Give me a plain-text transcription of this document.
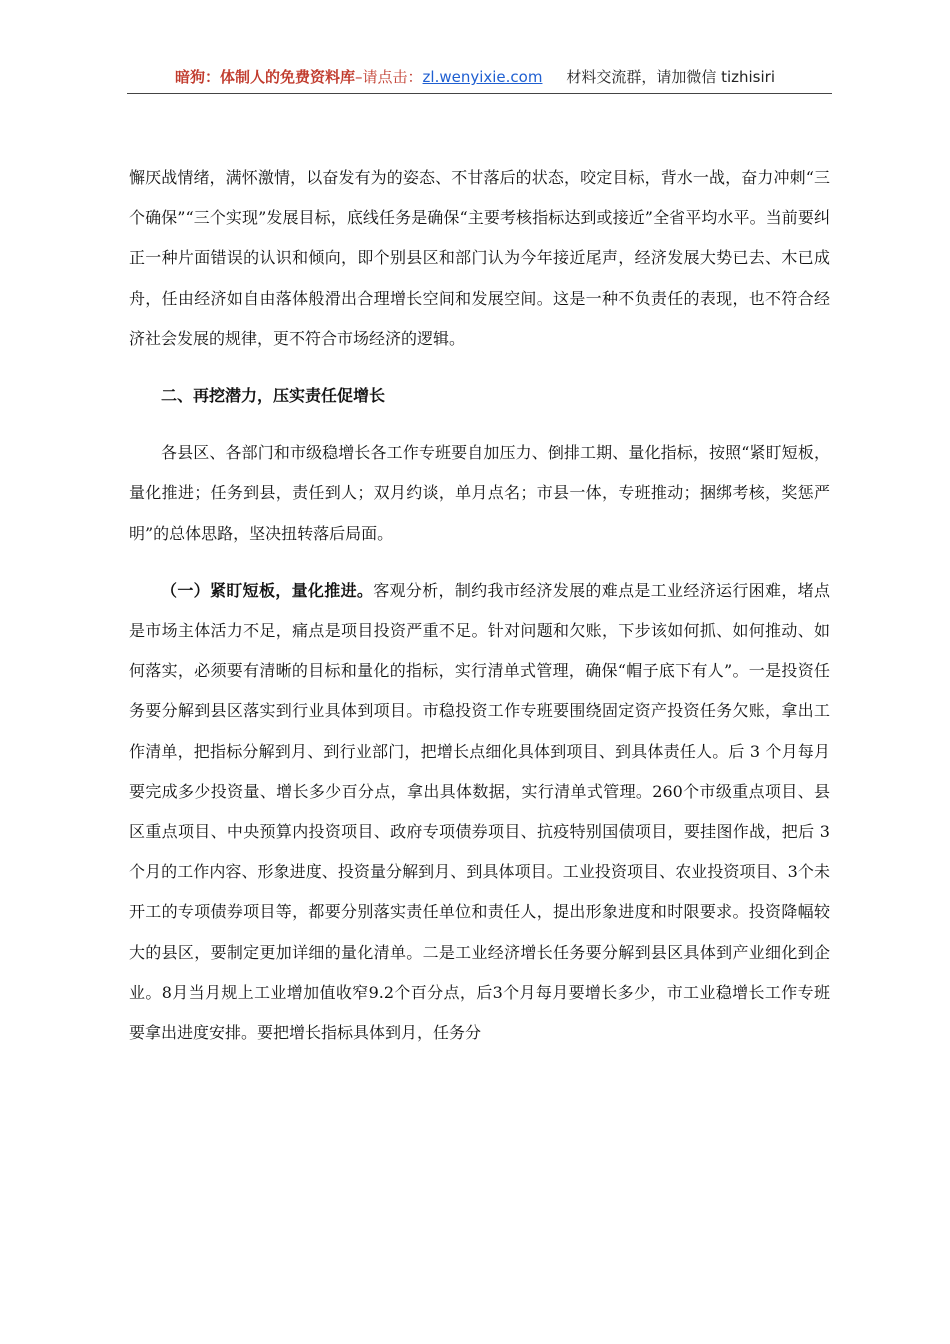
暗狗：体制人的免费资料库–请点击：zl.wenyixie.com 材料交流群，请加微信 tizhisiri

懈厌战情绪，满怀激情，以奋发有为的姿态、不甘落后的状态，咬定目标，背水一战，奋力冲刺“三个确保”“三个实现”发展目标，底线任务是确保“主要考核指标达到或接近”全省平均水平。当前要纠正一种片面错误的认识和倾向，即个别县区和部门认为今年接近尾声，经济发展大势已去、木已成舟，任由经济如自由落体般滑出合理增长空间和发展空间。这是一种不负责任的表现，也不符合经济社会发展的规律，更不符合市场经济的逻辑。

二、再挖潜力，压实责任促增长

各县区、各部门和市级稳增长各工作专班要自加压力、倒排工期、量化指标，按照“紧盯短板，量化推进；任务到县，责任到人；双月约谈，单月点名；市县一体，专班推动；捆绑考核，奖惩严明”的总体思路，坚决扭转落后局面。

（一）紧盯短板，量化推进。客观分析，制约我市经济发展的难点是工业经济运行困难，堵点是市场主体活力不足，痛点是项目投资严重不足。针对问题和欠账，下步该如何抓、如何推动、如何落实，必须要有清晰的目标和量化的指标，实行清单式管理，确保“帽子底下有人”。一是投资任务要分解到县区落实到行业具体到项目。市稳投资工作专班要围绕固定资产投资任务欠账，拿出工作清单，把指标分解到月、到行业部门，把增长点细化具体到项目、到具体责任人。后 3 个月每月要完成多少投资量、增长多少百分点，拿出具体数据，实行清单式管理。260个市级重点项目、县区重点项目、中央预算内投资项目、政府专项债券项目、抗疫特别国债项目，要挂图作战，把后 3 个月的工作内容、形象进度、投资量分解到月、到具体项目。工业投资项目、农业投资项目、3个未开工的专项债券项目等，都要分别落实责任单位和责任人，提出形象进度和时限要求。投资降幅较大的县区，要制定更加详细的量化清单。二是工业经济增长任务要分解到县区具体到产业细化到企业。8月当月规上工业增加值收窄9.2个百分点，后3个月每月要增长多少，市工业稳增长工作专班要拿出进度安排。要把增长指标具体到月，任务分
